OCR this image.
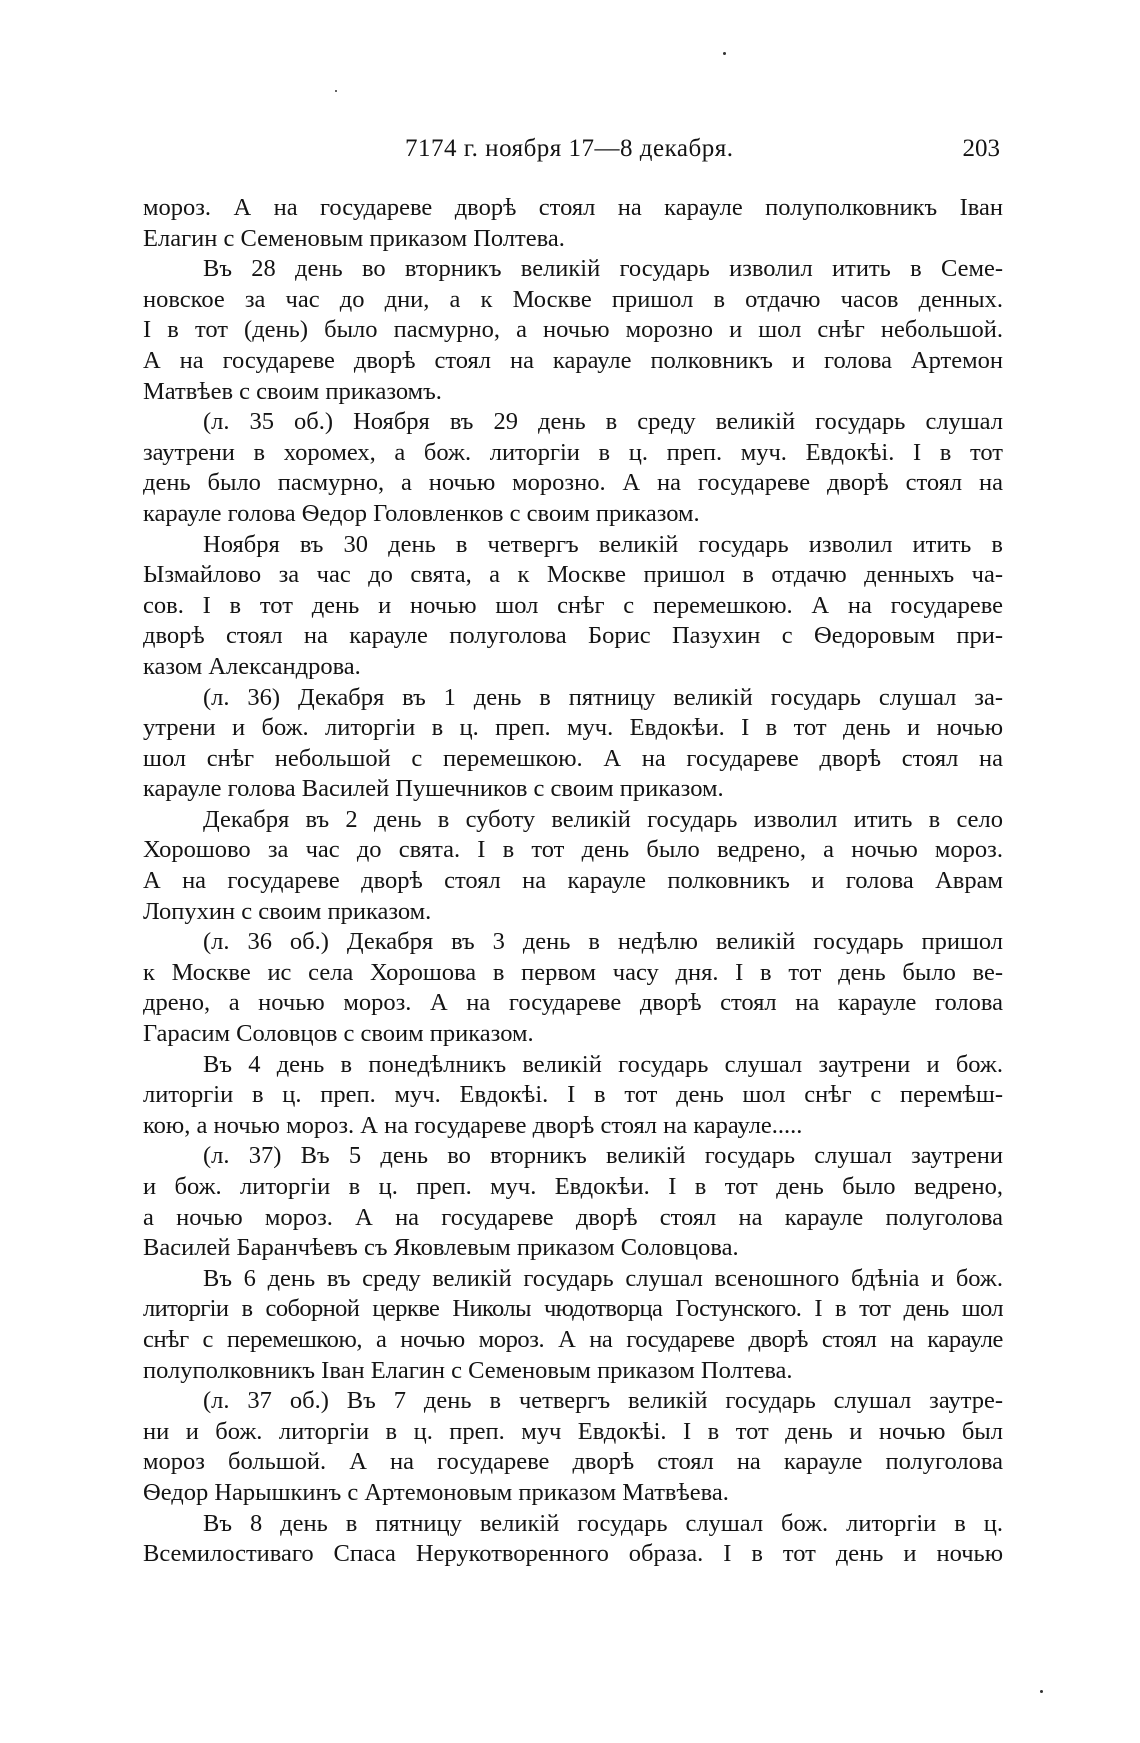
7174 г. ноября 17—8 декабря.	203
мороз. А на государеве дворѣ стоял на карауле полуполковникъ Іван
Елагин с Семеновым приказом Полтева.
Въ 28 день во вторникъ великій государь изволил итить в Семе-
новское за час до дни, а к Москве пришол в отдачю часов денных.
І в тот (день) было пасмурно, а ночью морозно и шол снѣг небольшой.
А на государеве дворѣ стоял на карауле полковникъ и голова Артемон
Матвѣев с своим приказомъ.
(л. 35 об.) Ноября въ 29 день в среду великій государь слушал
заутрени в хоромех, а бож. литоргіи в ц. преп. муч. Евдокѣі. І в тот
день было пасмурно, а ночью морозно. А на государеве дворѣ стоял на
карауле голова Ѳедор Головленков с своим приказом.
Ноября въ 30 день в четвергъ великій государь изволил итить в
Ызмайлово за час до свята, а к Москве пришол в отдачю денныхъ ча-
сов. І в тот день и ночью шол снѣг с перемешкою. А на государеве
дворѣ стоял на карауле полуголова Борис Пазухин с Ѳедоровым при-
казом Александрова.
(л. 36) Декабря въ 1 день в пятницу великій государь слушал за-
утрени и бож. литоргіи в ц. преп. муч. Евдокѣи. І в тот день и ночью
шол снѣг небольшой с перемешкою. А на государеве дворѣ стоял на
карауле голова Василей Пушечников с своим приказом.
Декабря въ 2 день в суботу великій государь изволил итить в село
Хорошово за час до свята. І в тот день было ведрено, а ночью мороз.
А на государеве дворѣ стоял на карауле полковникъ и голова Аврам
Лопухин с своим приказом.
(л. 36 об.) Декабря въ 3 день в недѣлю великій государь пришол
к Москве ис села Хорошова в первом часу дня. І в тот день было ве-
дрено, а ночью мороз. А на государеве дворѣ стоял на карауле голова
Гарасим Соловцов с своим приказом.
Въ 4 день в понедѣлникъ великій государь слушал заутрени и бож.
литоргіи в ц. преп. муч. Евдокѣі. І в тот день шол снѣг с перемѣш-
кою, а ночью мороз. А на государеве дворѣ стоял на карауле.....
(л. 37) Въ 5 день во вторникъ великій государь слушал заутрени
и бож. литоргіи в ц. преп. муч. Евдокѣи. І в тот день было ведрено,
а ночью мороз. А на государеве дворѣ стоял на карауле полуголова
Василей Баранчѣевъ съ Яковлевым приказом Соловцова.
Въ 6 день въ среду великій государь слушал всеношного бдѣніа и бож.
литоргіи в соборной церкве Николы чюдотворца Гостунского. І в тот день шол
снѣг с перемешкою, а ночью мороз. А на государеве дворѣ стоял на карауле
полуполковникъ Іван Елагин с Семеновым приказом Полтева.
(л. 37 об.) Въ 7 день в четвергъ великій государь слушал заутре-
ни и бож. литоргіи в ц. преп. муч Евдокѣі. І в тот день и ночью был
мороз большой. А на государеве дворѣ стоял на карауле полуголова
Ѳедор Нарышкинъ с Артемоновым приказом Матвѣева.
Въ 8 день в пятницу великій государь слушал бож. литоргіи в ц.
Всемилостиваго Спаса Нерукотворенного образа. І в тот день и ночью
